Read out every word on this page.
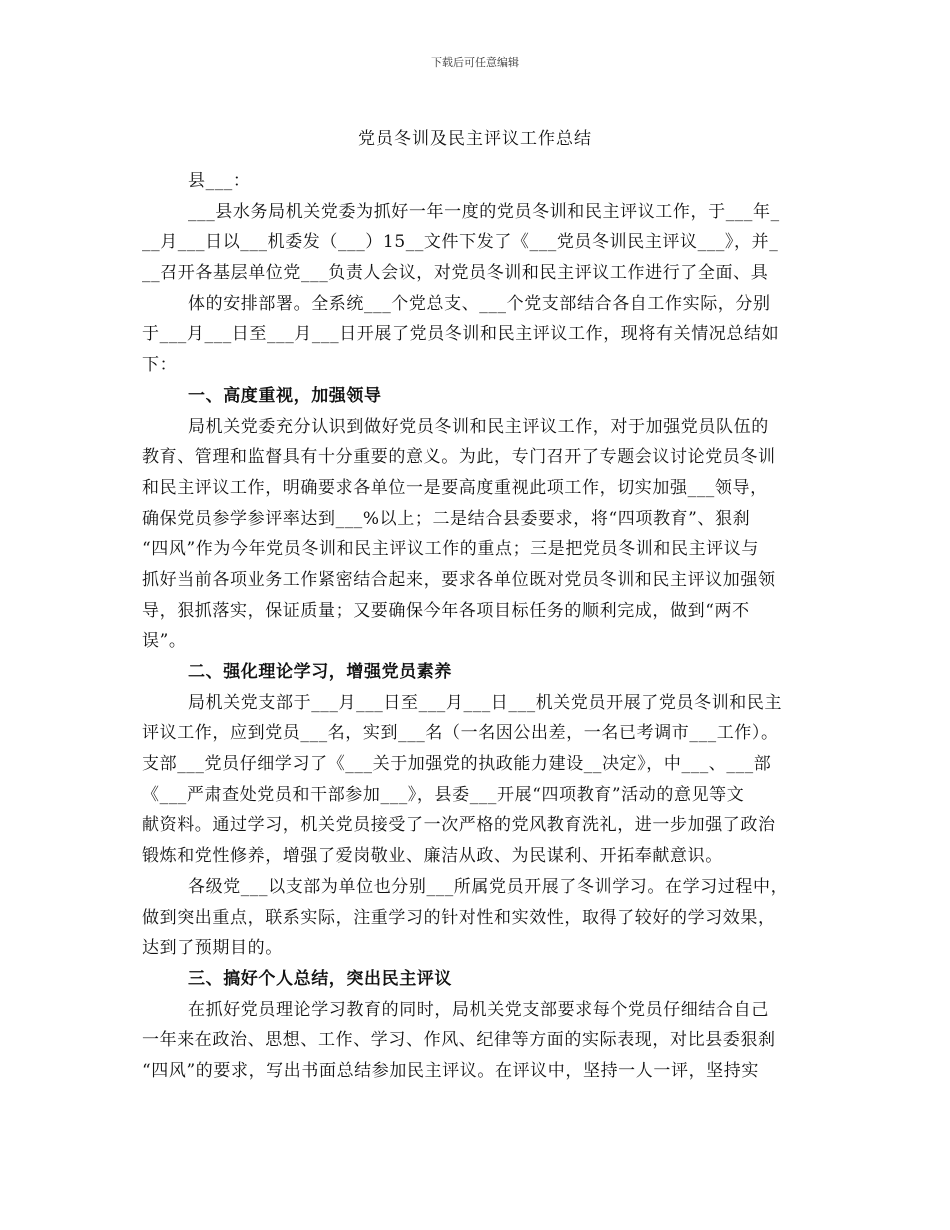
下载后可任意编辑
党员冬训及民主评议工作总结
县___：
___县水务局机关党委为抓好一年一度的党员冬训和民主评议工作，于___年_
__月___日以___机委发（___）15__文件下发了《___党员冬训民主评议___》，并_
__召开各基层单位党___负责人会议，对党员冬训和民主评议工作进行了全面、具
体的安排部署。全系统___个党总支、___个党支部结合各自工作实际，分别
于___月___日至___月___日开展了党员冬训和民主评议工作，现将有关情况总结如
下：
一、高度重视，加强领导
局机关党委充分认识到做好党员冬训和民主评议工作，对于加强党员队伍的
教育、管理和监督具有十分重要的意义。为此，专门召开了专题会议讨论党员冬训
和民主评议工作，明确要求各单位一是要高度重视此项工作，切实加强___领导，
确保党员参学参评率达到___%以上；二是结合县委要求，将“四项教育”、狠刹
“四风”作为今年党员冬训和民主评议工作的重点；三是把党员冬训和民主评议与
抓好当前各项业务工作紧密结合起来，要求各单位既对党员冬训和民主评议加强领
导，狠抓落实，保证质量；又要确保今年各项目标任务的顺利完成，做到“两不
误”。
二、强化理论学习，增强党员素养
局机关党支部于___月___日至___月___日___机关党员开展了党员冬训和民主
评议工作，应到党员___名，实到___名（一名因公出差，一名已考调市___工作）。
支部___党员仔细学习了《___关于加强党的执政能力建设__决定》，中___、___部
《___严肃查处党员和干部参加___》，县委___开展“四项教育”活动的意见等文
献资料。通过学习，机关党员接受了一次严格的党风教育洗礼，进一步加强了政治
锻炼和党性修养，增强了爱岗敬业、廉洁从政、为民谋利、开拓奉献意识。
各级党___以支部为单位也分别___所属党员开展了冬训学习。在学习过程中，
做到突出重点，联系实际，注重学习的针对性和实效性，取得了较好的学习效果，
达到了预期目的。
三、搞好个人总结，突出民主评议
在抓好党员理论学习教育的同时，局机关党支部要求每个党员仔细结合自己
一年来在政治、思想、工作、学习、作风、纪律等方面的实际表现，对比县委狠刹
“四风”的要求，写出书面总结参加民主评议。在评议中，坚持一人一评，坚持实
